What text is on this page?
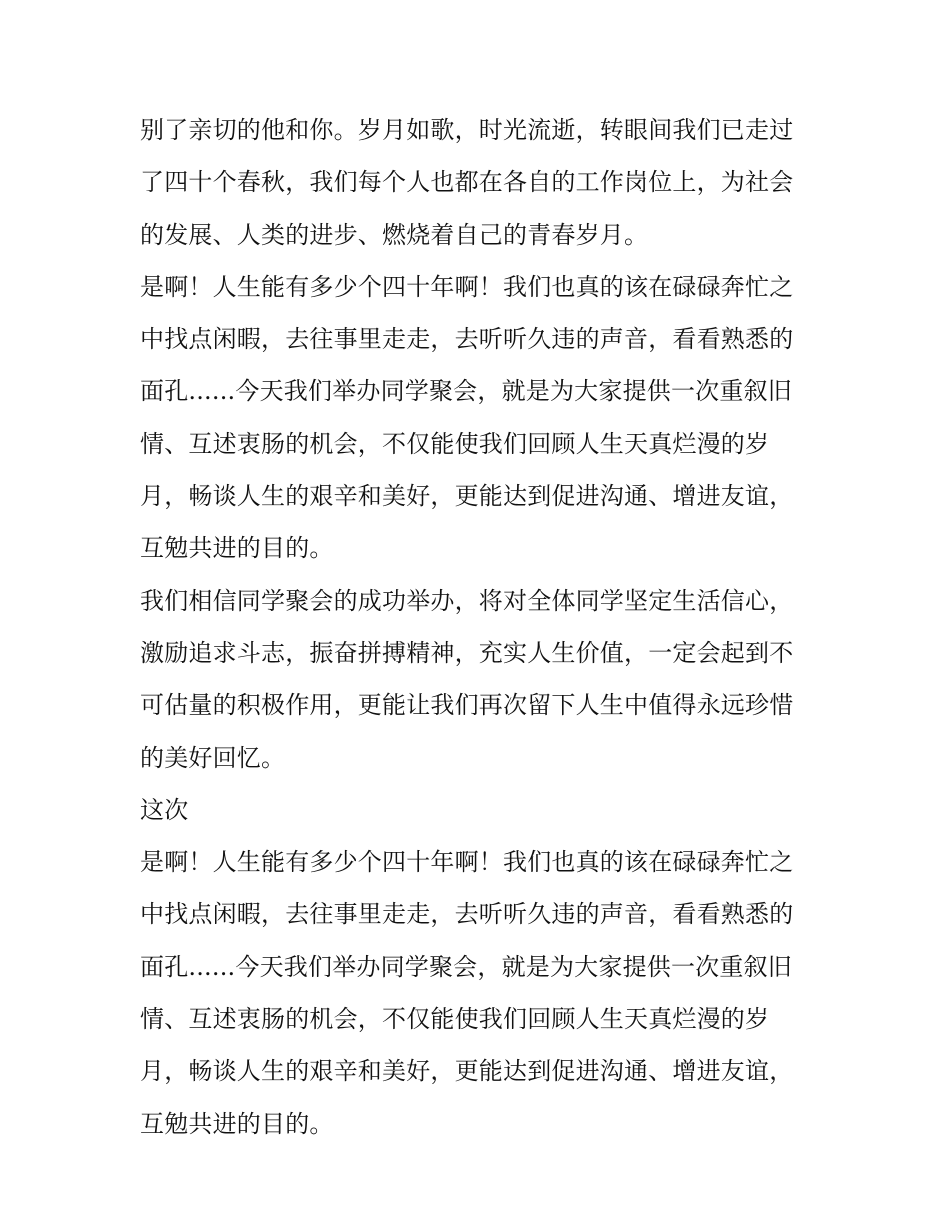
别了亲切的他和你。岁月如歌，时光流逝，转眼间我们已走过
了四十个春秋，我们每个人也都在各自的工作岗位上，为社会
的发展、人类的进步、燃烧着自己的青春岁月。
是啊！人生能有多少个四十年啊！我们也真的该在碌碌奔忙之
中找点闲暇，去往事里走走，去听听久违的声音，看看熟悉的
面孔......今天我们举办同学聚会，就是为大家提供一次重叙旧
情、互述衷肠的机会，不仅能使我们回顾人生天真烂漫的岁
月，畅谈人生的艰辛和美好，更能达到促进沟通、增进友谊，
互勉共进的目的。
我们相信同学聚会的成功举办，将对全体同学坚定生活信心，
激励追求斗志，振奋拼搏精神，充实人生价值，一定会起到不
可估量的积极作用，更能让我们再次留下人生中值得永远珍惜
的美好回忆。
这次
是啊！人生能有多少个四十年啊！我们也真的该在碌碌奔忙之
中找点闲暇，去往事里走走，去听听久违的声音，看看熟悉的
面孔......今天我们举办同学聚会，就是为大家提供一次重叙旧
情、互述衷肠的机会，不仅能使我们回顾人生天真烂漫的岁
月，畅谈人生的艰辛和美好，更能达到促进沟通、增进友谊，
互勉共进的目的。
